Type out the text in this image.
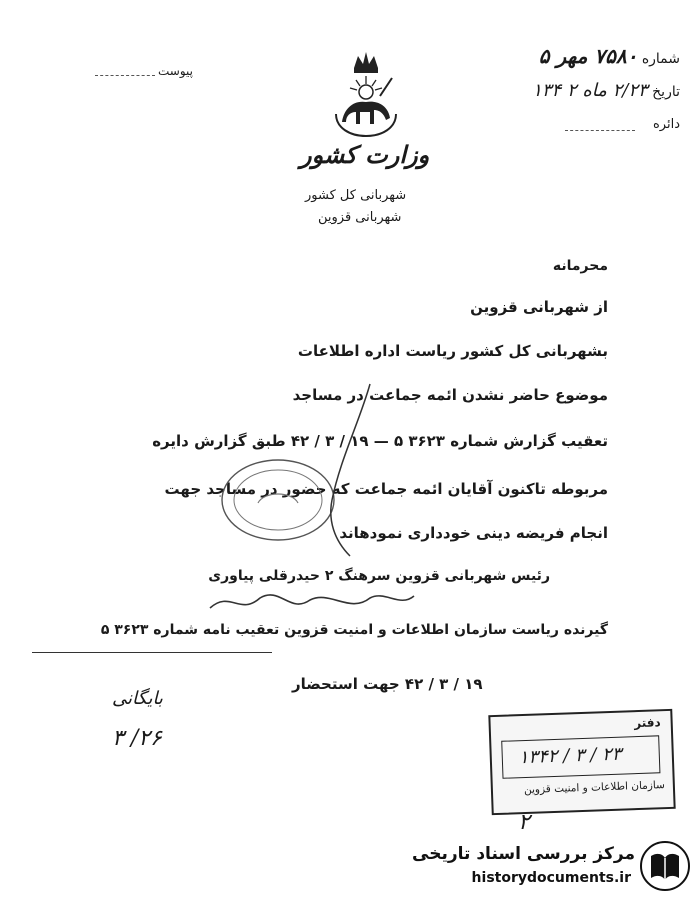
شماره ۷۵۸۰ مهر ۵
تاریخ ۲/۲۳ ماه ۲ ۱۳۴
دائره
پیوست
وزارت کشور
شهربانی کل کشور
شهربانی قزوین
محرمانه
از شهربانی قزوین
بشهربانی کل کشور ریاست اداره اطلاعات
موضوع حاضر نشدن ائمه جماعت در مساجد
تعقیب گزارش شماره ۳۶۲۳ ۵ — ۱۹ / ۳ / ۴۲ طبق گزارش دایره
مربوطه تاکنون آقایان ائمه جماعت که حضور در مساجد جهت
انجام فریضه دینی خودداری نمودهاند
رئیس شهربانی قزوین سرهنگ ۲ حیدرقلی پیاوری
گیرنده ریاست سازمان اطلاعات و امنیت قزوین تعقیب نامه شماره ۳۶۲۳ ۵
۱۹ / ۳ / ۴۲ جهت استحضار
بایگانی
۲۶/ ۳
دفتر
۱۳۴۲ / ۳ / ۲۳
سازمان اطلاعات و امنیت قزوین
۲
مرکز بررسی اسناد تاریخی
historydocuments.ir
